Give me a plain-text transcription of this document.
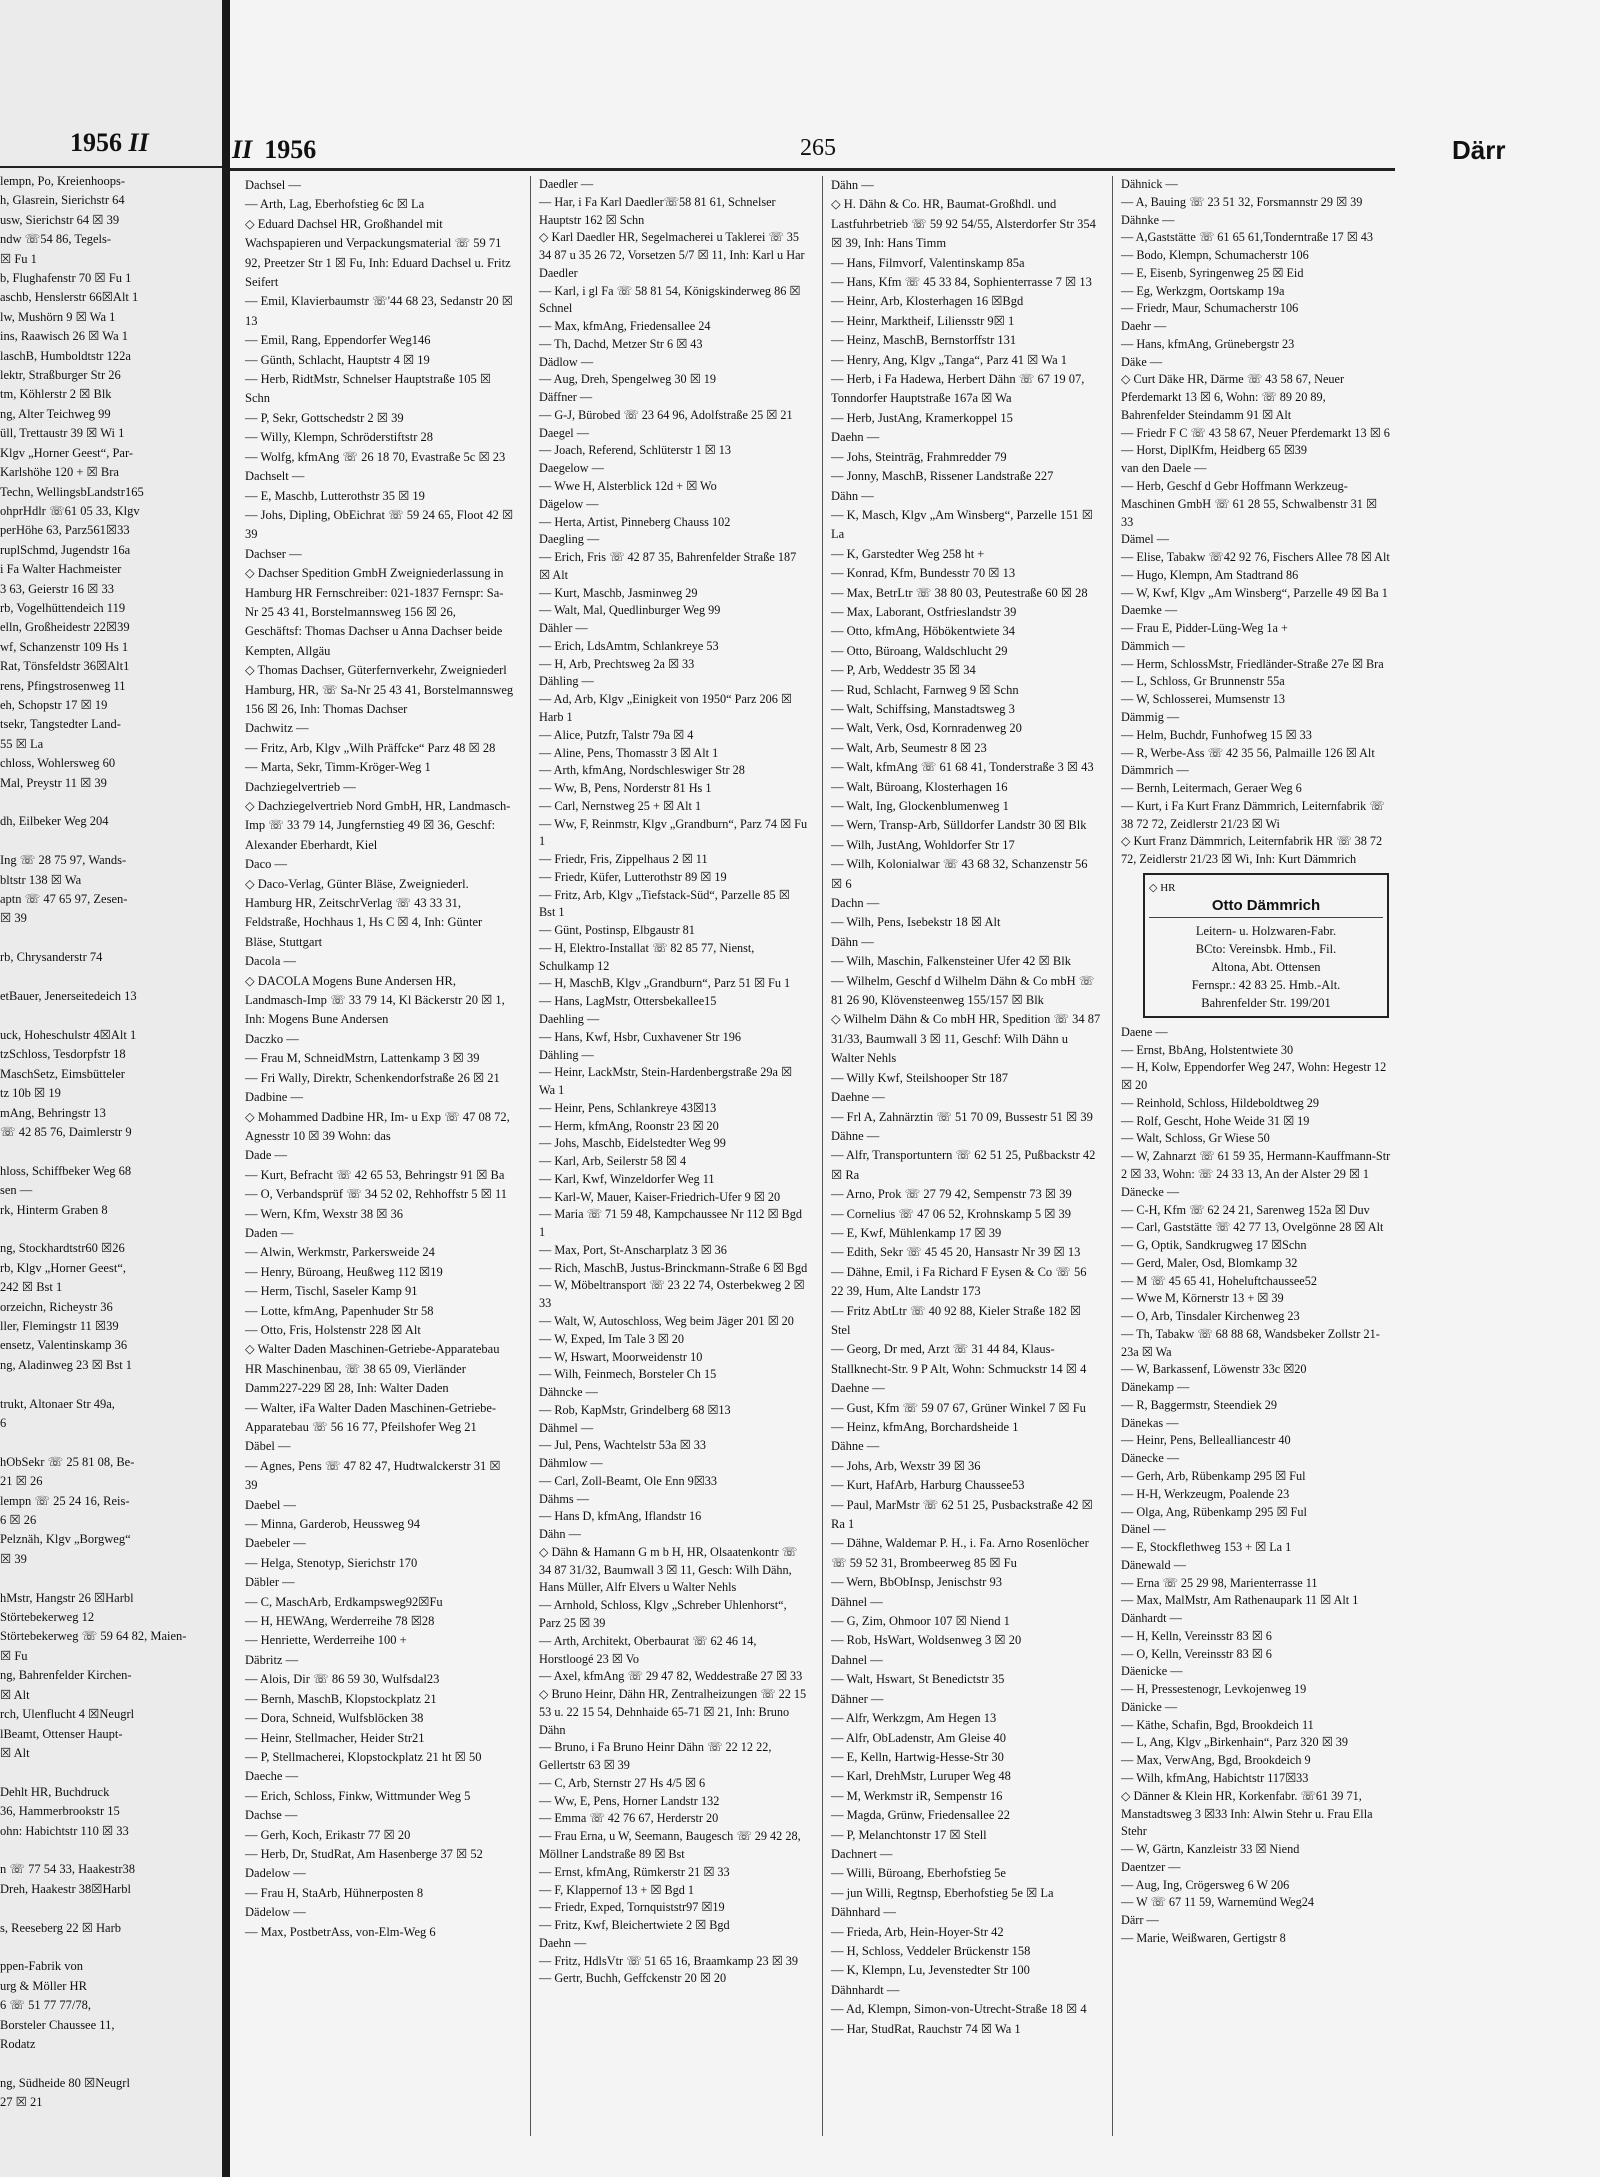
1956 II
lempn, Po, Kreienhoops-
h, Glasrein, Sierichstr 64
usw, Sierichstr 64 ☒ 39
ndw ☏54 86, Tegels-
☒ Fu 1
b, Flughafenstr 70 ☒ Fu 1
aschb, Henslerstr 66☒Alt 1
lw, Mushörn 9 ☒ Wa 1
ins, Raawisch 26 ☒ Wa 1
laschB, Humboldtstr 122a
lektr, Straßburger Str 26
tm, Köhlerstr 2 ☒ Blk
ng, Alter Teichweg 99
üll, Trettaustr 39 ☒ Wi 1
Klgv „Horner Geest“, Par-
Karlshöhe 120 + ☒ Bra
Techn, WellingsbLandstr165
ohprHdlr ☏61 05 33, Klgv
perHöhe 63, Parz561☒33
ruplSchmd, Jugendstr 16a
i Fa Walter Hachmeister
3 63, Geierstr 16 ☒ 33
rb, Vogelhüttendeich 119
elln, Großheidestr 22☒39
wf, Schanzenstr 109 Hs 1
Rat, Tönsfeldstr 36☒Alt1
rens, Pfingstrosenweg 11
eh, Schopstr 17 ☒ 19
tsekr, Tangstedter Land-
55 ☒ La
chloss, Wohlersweg 60
Mal, Preystr 11 ☒ 39

dh, Eilbeker Weg 204

Ing ☏ 28 75 97, Wands-
bltstr 138 ☒ Wa
aptn ☏ 47 65 97, Zesen-
☒ 39

rb, Chrysanderstr 74

etBauer, Jenerseitedeich 13

uck, Hoheschulstr 4☒Alt 1
tzSchloss, Tesdorpfstr 18
MaschSetz, Eimsbütteler
tz 10b ☒ 19
mAng, Behringstr 13
☏ 42 85 76, Daimlerstr 9

hloss, Schiffbeker Weg 68
sen —
rk, Hinterm Graben 8

ng, Stockhardtstr60 ☒26
rb, Klgv „Horner Geest“,
242 ☒ Bst 1
orzeichn, Richeystr 36
ller, Flemingstr 11 ☒39
ensetz, Valentinskamp 36
ng, Aladinweg 23 ☒ Bst 1

trukt, Altonaer Str 49a,
6

hObSekr ☏ 25 81 08, Be-
21 ☒ 26
lempn ☏ 25 24 16, Reis-
6 ☒ 26
Pelznäh, Klgv „Borgweg“
☒ 39

hMstr, Hangstr 26 ☒Harbl
Störtebekerweg 12
Störtebekerweg ☏ 59 64 82, Maien-
☒ Fu
ng, Bahrenfelder Kirchen-
☒ Alt
rch, Ulenflucht 4 ☒Neugrl
lBeamt, Ottenser Haupt-
☒ Alt

Dehlt HR, Buchdruck
36, Hammerbrookstr 15
ohn: Habichtstr 110 ☒ 33

n ☏ 77 54 33, Haakestr38
Dreh, Haakestr 38☒Harbl

s, Reeseberg 22 ☒ Harb

ppen-Fabrik von
urg & Möller HR
6 ☏ 51 77 77/78,
Borsteler Chaussee 11,
Rodatz

ng, Südheide 80 ☒Neugrl
27 ☒ 21
II 1956	265	Därr
Dachsel —
— Arth, Lag, Eberhofstieg 6c ☒ La
◇ Eduard Dachsel HR, Großhandel mit Wachspapieren und Verpackungsmaterial ☏ 59 71 92, Preetzer Str 1 ☒ Fu, Inh: Eduard Dachsel u. Fritz Seifert
— Emil, Klavierbaumstr ☏'44 68 23, Sedanstr 20 ☒ 13
— Emil, Rang, Eppendorfer Weg146
— Günth, Schlacht, Hauptstr 4 ☒ 19
— Herb, RidtMstr, Schnelser Hauptstraße 105 ☒ Schn
— P, Sekr, Gottschedstr 2 ☒ 39
— Willy, Klempn, Schröderstiftstr 28
— Wolfg, kfmAng ☏ 26 18 70, Evastraße 5c ☒ 23
Dachselt —
— E, Maschb, Lutterothstr 35 ☒ 19
— Johs, Dipling, ObEichrat ☏ 59 24 65, Floot 42 ☒ 39
Dachser —
◇ Dachser Spedition GmbH Zweigniederlassung in Hamburg HR Fernschreiber: 021-1837 Fernspr: Sa-Nr 25 43 41, Borstelmannsweg 156 ☒ 26, Geschäftsf: Thomas Dachser u Anna Dachser beide Kempten, Allgäu
◇ Thomas Dachser, Güterfernverkehr, Zweigniederl Hamburg, HR, ☏ Sa-Nr 25 43 41, Borstelmannsweg 156 ☒ 26, Inh: Thomas Dachser
Dachwitz —
— Fritz, Arb, Klgv „Wilh Präffcke“ Parz 48 ☒ 28
— Marta, Sekr, Timm-Kröger-Weg 1
Dachziegelvertrieb —
◇ Dachziegelvertrieb Nord GmbH, HR, Landmasch-Imp ☏ 33 79 14, Jungfernstieg 49 ☒ 36, Geschf: Alexander Eberhardt, Kiel
Daco —
◇ Daco-Verlag, Günter Bläse, Zweigniederl. Hamburg HR, ZeitschrVerlag ☏ 43 33 31, Feldstraße, Hochhaus 1, Hs C ☒ 4, Inh: Günter Bläse, Stuttgart
Dacola —
◇ DACOLA Mogens Bune Andersen HR, Landmasch-Imp ☏ 33 79 14, Kl Bäckerstr 20 ☒ 1, Inh: Mogens Bune Andersen
Daczko —
— Frau M, SchneidMstrn, Lattenkamp 3 ☒ 39
— Fri Wally, Direktr, Schenkendorfstraße 26 ☒ 21
Dadbine —
◇ Mohammed Dadbine HR, Im- u Exp ☏ 47 08 72, Agnesstr 10 ☒ 39 Wohn: das
Dade —
— Kurt, Befracht ☏ 42 65 53, Behringstr 91 ☒ Ba
— O, Verbandsprüf ☏ 34 52 02, Rehhoffstr 5 ☒ 11
— Wern, Kfm, Wexstr 38 ☒ 36
Daden —
— Alwin, Werkmstr, Parkersweide 24
— Henry, Büroang, Heußweg 112 ☒19
— Herm, Tischl, Saseler Kamp 91
— Lotte, kfmAng, Papenhuder Str 58
— Otto, Fris, Holstenstr 228 ☒ Alt
◇ Walter Daden Maschinen-Getriebe-Apparatebau HR Maschinenbau, ☏ 38 65 09, Vierländer Damm227-229 ☒ 28, Inh: Walter Daden
— Walter, iFa Walter Daden Maschinen-Getriebe-Apparatebau ☏ 56 16 77, Pfeilshofer Weg 21
Däbel —
— Agnes, Pens ☏ 47 82 47, Hudtwalckerstr 31 ☒ 39
Daebel —
— Minna, Garderob, Heussweg 94
Daebeler —
— Helga, Stenotyp, Sierichstr 170
Däbler —
— C, MaschArb, Erdkampsweg92☒Fu
— H, HEWAng, Werderreihe 78 ☒28
— Henriette, Werderreihe 100 +
Däbritz —
— Alois, Dir ☏ 86 59 30, Wulfsdal23
— Bernh, MaschB, Klopstockplatz 21
— Dora, Schneid, Wulfsblöcken 38
— Heinr, Stellmacher, Heider Str21
— P, Stellmacherei, Klopstockplatz 21 ht ☒ 50
Daeche —
— Erich, Schloss, Finkw, Wittmunder Weg 5
Dachse —
— Gerh, Koch, Erikastr 77 ☒ 20
— Herb, Dr, StudRat, Am Hasenberge 37 ☒ 52
Dadelow —
— Frau H, StaArb, Hühnerposten 8
Dädelow —
— Max, PostbetrAss, von-Elm-Weg 6
Daedler —
— Har, i Fa Karl Daedler☏58 81 61, Schnelser Hauptstr 162 ☒ Schn
◇ Karl Daedler HR, Segelmacherei u Taklerei ☏ 35 34 87 u 35 26 72, Vorsetzen 5/7 ☒ 11, Inh: Karl u Har Daedler
— Karl, i gl Fa ☏ 58 81 54, Königskinderweg 86 ☒ Schnel
— Max, kfmAng, Friedensallee 24
— Th, Dachd, Metzer Str 6 ☒ 43
Dädlow —
— Aug, Dreh, Spengelweg 30 ☒ 19
Däffner —
— G-J, Bürobed ☏ 23 64 96, Adolfstraße 25 ☒ 21
Daegel —
— Joach, Referend, Schlüterstr 1 ☒ 13
Daegelow —
— Wwe H, Alsterblick 12d + ☒ Wo
Dägelow —
— Herta, Artist, Pinneberg Chauss 102
Daegling —
— Erich, Fris ☏ 42 87 35, Bahrenfelder Straße 187 ☒ Alt
— Kurt, Maschb, Jasminweg 29
— Walt, Mal, Quedlinburger Weg 99
Dähler —
— Erich, LdsAmtm, Schlankreye 53
— H, Arb, Prechtsweg 2a ☒ 33
Dähling —
— Ad, Arb, Klgv „Einigkeit von 1950“ Parz 206 ☒ Harb 1
— Alice, Putzfr, Talstr 79a ☒ 4
— Aline, Pens, Thomasstr 3 ☒ Alt 1
— Arth, kfmAng, Nordschleswiger Str 28
— Ww, B, Pens, Norderstr 81 Hs 1
— Carl, Nernstweg 25 + ☒ Alt 1
— Ww, F, Reinmstr, Klgv „Grandburn“, Parz 74 ☒ Fu 1
— Friedr, Fris, Zippelhaus 2 ☒ 11
— Friedr, Küfer, Lutterothstr 89 ☒ 19
— Fritz, Arb, Klgv „Tiefstack-Süd“, Parzelle 85 ☒ Bst 1
— Günt, Postinsp, Elbgaustr 81
— H, Elektro-Installat ☏ 82 85 77, Nienst, Schulkamp 12
— H, MaschB, Klgv „Grandburn“, Parz 51 ☒ Fu 1
— Hans, LagMstr, Ottersbekallee15
Daehling —
— Hans, Kwf, Hsbr, Cuxhavener Str 196
Dähling —
— Heinr, LackMstr, Stein-Hardenbergstraße 29a ☒ Wa 1
— Heinr, Pens, Schlankreye 43☒13
— Herm, kfmAng, Roonstr 23 ☒ 20
— Johs, Maschb, Eidelstedter Weg 99
— Karl, Arb, Seilerstr 58 ☒ 4
— Karl, Kwf, Winzeldorfer Weg 11
— Karl-W, Mauer, Kaiser-Friedrich-Ufer 9 ☒ 20
— Maria ☏ 71 59 48, Kampchaussee Nr 112 ☒ Bgd 1
— Max, Port, St-Anscharplatz 3 ☒ 36
— Rich, MaschB, Justus-Brinckmann-Straße 6 ☒ Bgd
— W, Möbeltransport ☏ 23 22 74, Osterbekweg 2 ☒ 33
— Walt, W, Autoschloss, Weg beim Jäger 201 ☒ 20
— W, Exped, Im Tale 3 ☒ 20
— W, Hswart, Moorweidenstr 10
— Wilh, Feinmech, Borsteler Ch 15
Dähncke —
— Rob, KapMstr, Grindelberg 68 ☒13
Dähmel —
— Jul, Pens, Wachtelstr 53a ☒ 33
Dähmlow —
— Carl, Zoll-Beamt, Ole Enn 9☒33
Dähms —
— Hans D, kfmAng, Iflandstr 16
Dähn —
◇ Dähn & Hamann G m b H, HR, Olsaatenkontr ☏ 34 87 31/32, Baumwall 3 ☒ 11, Gesch: Wilh Dähn, Hans Müller, Alfr Elvers u Walter Nehls
— Arnhold, Schloss, Klgv „Schreber Uhlenhorst“, Parz 25 ☒ 39
— Arth, Architekt, Oberbaurat ☏ 62 46 14, Horstloogé 23 ☒ Vo
— Axel, kfmAng ☏ 29 47 82, Weddestraße 27 ☒ 33
◇ Bruno Heinr, Dähn HR, Zentralheizungen ☏ 22 15 53 u. 22 15 54, Dehnhaide 65-71 ☒ 21, Inh: Bruno Dähn
— Bruno, i Fa Bruno Heinr Dähn ☏ 22 12 22, Gellertstr 63 ☒ 39
— C, Arb, Sternstr 27 Hs 4/5 ☒ 6
— Ww, E, Pens, Horner Landstr 132
— Emma ☏ 42 76 67, Herderstr 20
— Frau Erna, u W, Seemann, Baugesch ☏ 29 42 28, Möllner Landstraße 89 ☒ Bst
— Ernst, kfmAng, Rümkerstr 21 ☒ 33
— F, Klappernof 13 + ☒ Bgd 1
— Friedr, Exped, Tornquiststr97 ☒19
— Fritz, Kwf, Bleichertwiete 2 ☒ Bgd
Daehn —
— Fritz, HdlsVtr ☏ 51 65 16, Braamkamp 23 ☒ 39
— Gertr, Buchh, Geffckenstr 20 ☒ 20
Dähn —
◇ H. Dähn & Co. HR, Baumat-Großhdl. und Lastfuhrbetrieb ☏ 59 92 54/55, Alsterdorfer Str 354 ☒ 39, Inh: Hans Timm
— Hans, Filmvorf, Valentinskamp 85a
— Hans, Kfm ☏ 45 33 84, Sophienterrasse 7 ☒ 13
— Heinr, Arb, Klosterhagen 16 ☒Bgd
— Heinr, Marktheif, Liliensstr 9☒ 1
— Heinz, MaschB, Bernstorffstr 131
— Henry, Ang, Klgv „Tanga“, Parz 41 ☒ Wa 1
— Herb, i Fa Hadewa, Herbert Dähn ☏ 67 19 07, Tonndorfer Hauptstraße 167a ☒ Wa
— Herb, JustAng, Kramerkoppel 15
Daehn —
— Johs, Steintrāg, Frahmredder 79
— Jonny, MaschB, Rissener Landstraße 227
Dähn —
— K, Masch, Klgv „Am Winsberg“, Parzelle 151 ☒ La
— K, Garstedter Weg 258 ht +
— Konrad, Kfm, Bundesstr 70 ☒ 13
— Max, BetrLtr ☏ 38 80 03, Peutestraße 60 ☒ 28
— Max, Laborant, Ostfrieslandstr 39
— Otto, kfmAng, Höbökentwiete 34
— Otto, Büroang, Waldschlucht 29
— P, Arb, Weddestr 35 ☒ 34
— Rud, Schlacht, Farnweg 9 ☒ Schn
— Walt, Schiffsing, Manstadtsweg 3
— Walt, Verk, Osd, Kornradenweg 20
— Walt, Arb, Seumestr 8 ☒ 23
— Walt, kfmAng ☏ 61 68 41, Tonderstraße 3 ☒ 43
— Walt, Büroang, Klosterhagen 16
— Walt, Ing, Glockenblumenweg 1
— Wern, Transp-Arb, Sülldorfer Landstr 30 ☒ Blk
— Wilh, JustAng, Wohldorfer Str 17
— Wilh, Kolonialwar ☏ 43 68 32, Schanzenstr 56 ☒ 6
Dachn —
— Wilh, Pens, Isebekstr 18 ☒ Alt
Dähn —
— Wilh, Maschin, Falkensteiner Ufer 42 ☒ Blk
— Wilhelm, Geschf d Wilhelm Dähn & Co mbH ☏ 81 26 90, Klövensteenweg 155/157 ☒ Blk
◇ Wilhelm Dähn & Co mbH HR, Spedition ☏ 34 87 31/33, Baumwall 3 ☒ 11, Geschf: Wilh Dähn u Walter Nehls
— Willy Kwf, Steilshooper Str 187
Daehne —
— Frl A, Zahnärztin ☏ 51 70 09, Bussestr 51 ☒ 39
Dähne —
— Alfr, Transportuntern ☏ 62 51 25, Pußbackstr 42 ☒ Ra
— Arno, Prok ☏ 27 79 42, Sempenstr 73 ☒ 39
— Cornelius ☏ 47 06 52, Krohnskamp 5 ☒ 39
— E, Kwf, Mühlenkamp 17 ☒ 39
— Edith, Sekr ☏ 45 45 20, Hansastr Nr 39 ☒ 13
— Dähne, Emil, i Fa Richard F Eysen & Co ☏ 56 22 39, Hum, Alte Landstr 173
— Fritz AbtLtr ☏ 40 92 88, Kieler Straße 182 ☒ Stel
— Georg, Dr med, Arzt ☏ 31 44 84, Klaus-Stallknecht-Str. 9 P Alt, Wohn: Schmuckstr 14 ☒ 4
Daehne —
— Gust, Kfm ☏ 59 07 67, Grüner Winkel 7 ☒ Fu
— Heinz, kfmAng, Borchardsheide 1
Dähne —
— Johs, Arb, Wexstr 39 ☒ 36
— Kurt, HafArb, Harburg Chaussee53
— Paul, MarMstr ☏ 62 51 25, Pusbackstraße 42 ☒ Ra 1
— Dähne, Waldemar P. H., i. Fa. Arno Rosenlöcher ☏ 59 52 31, Brombeerweg 85 ☒ Fu
— Wern, BbObInsp, Jenischstr 93
Dähnel —
— G, Zim, Ohmoor 107 ☒ Niend 1
— Rob, HsWart, Woldsenweg 3 ☒ 20
Dahnel —
— Walt, Hswart, St Benedictstr 35
Dähner —
— Alfr, Werkzgm, Am Hegen 13
— Alfr, ObLadenstr, Am Gleise 40
— E, Kelln, Hartwig-Hesse-Str 30
— Karl, DrehMstr, Luruper Weg 48
— M, Werkmstr iR, Sempenstr 16
— Magda, Grünw, Friedensallee 22
— P, Melanchtonstr 17 ☒ Stell
Dachnert —
— Willi, Büroang, Eberhofstieg 5e
— jun Willi, Regtnsp, Eberhofstieg 5e ☒ La
Dähnhard —
— Frieda, Arb, Hein-Hoyer-Str 42
— H, Schloss, Veddeler Brückenstr 158
— K, Klempn, Lu, Jevenstedter Str 100
Dähnhardt —
— Ad, Klempn, Simon-von-Utrecht-Straße 18 ☒ 4
— Har, StudRat, Rauchstr 74 ☒ Wa 1
Dähnick —
— A, Bauing ☏ 23 51 32, Forsmannstr 29 ☒ 39
Dähnke —
— A,Gaststätte ☏ 61 65 61,Tonderntraße 17 ☒ 43
— Bodo, Klempn, Schumacherstr 106
— E, Eisenb, Syringenweg 25 ☒ Eid
— Eg, Werkzgm, Oortskamp 19a
— Friedr, Maur, Schumacherstr 106
Daehr —
— Hans, kfmAng, Grünebergstr 23
Däke —
◇ Curt Däke HR, Därme ☏ 43 58 67, Neuer Pferdemarkt 13 ☒ 6, Wohn: ☏ 89 20 89, Bahrenfelder Steindamm 91 ☒ Alt
— Friedr F C ☏ 43 58 67, Neuer Pferdemarkt 13 ☒ 6
— Horst, DiplKfm, Heidberg 65 ☒39
van den Daele —
— Herb, Geschf d Gebr Hoffmann Werkzeug-Maschinen GmbH ☏ 61 28 55, Schwalbenstr 31 ☒ 33
Dämel —
— Elise, Tabakw ☏42 92 76, Fischers Allee 78 ☒ Alt
— Hugo, Klempn, Am Stadtrand 86
— W, Kwf, Klgv „Am Winsberg“, Parzelle 49 ☒ Ba 1
Daemke —
— Frau E, Pidder-Lüng-Weg 1a +
Dämmich —
— Herm, SchlossMstr, Friedländer-Straße 27e ☒ Bra
— L, Schloss, Gr Brunnenstr 55a
— W, Schlosserei, Mumsenstr 13
Dämmig —
— Helm, Buchdr, Funhofweg 15 ☒ 33
— R, Werbe-Ass ☏ 42 35 56, Palmaille 126 ☒ Alt
Dämmrich —
— Bernh, Leitermach, Geraer Weg 6
— Kurt, i Fa Kurt Franz Dämmrich, Leiternfabrik ☏ 38 72 72, Zeidlerstr 21/23 ☒ Wi
◇ Kurt Franz Dämmrich, Leiternfabrik HR ☏ 38 72 72, Zeidlerstr 21/23 ☒ Wi, Inh: Kurt Dämmrich
◇ HR
Otto Dämmrich
Leitern- u. Holzwaren-Fabr.
BCto: Vereinsbk. Hmb., Fil.
Altona, Abt. Ottensen
Fernspr.: 42 83 25. Hmb.-Alt.
Bahrenfelder Str. 199/201
Daene —
— Ernst, BbAng, Holstentwiete 30
— H, Kolw, Eppendorfer Weg 247, Wohn: Hegestr 12 ☒ 20
— Reinhold, Schloss, Hildeboldtweg 29
— Rolf, Gescht, Hohe Weide 31 ☒ 19
— Walt, Schloss, Gr Wiese 50
— W, Zahnarzt ☏ 61 59 35, Hermann-Kauffmann-Str 2 ☒ 33, Wohn: ☏ 24 33 13, An der Alster 29 ☒ 1
Dänecke —
— C-H, Kfm ☏ 62 24 21, Sarenweg 152a ☒ Duv
— Carl, Gaststätte ☏ 42 77 13, Ovelgönne 28 ☒ Alt
— G, Optik, Sandkrugweg 17 ☒Schn
— Gerd, Maler, Osd, Blomkamp 32
— M ☏ 45 65 41, Hoheluftchaussee52
— Wwe M, Körnerstr 13 + ☒ 39
— O, Arb, Tinsdaler Kirchenweg 23
— Th, Tabakw ☏ 68 88 68, Wandsbeker Zollstr 21-23a ☒ Wa
— W, Barkassenf, Löwenstr 33c ☒20
Dänekamp —
— R, Baggermstr, Steendiek 29
Dänekas —
— Heinr, Pens, Bellealliancestr 40
Dänecke —
— Gerh, Arb, Rübenkamp 295 ☒ Ful
— H-H, Werkzeugm, Poalende 23
— Olga, Ang, Rübenkamp 295 ☒ Ful
Dänel —
— E, Stockflethweg 153 + ☒ La 1
Dänewald —
— Erna ☏ 25 29 98, Marienterrasse 11
— Max, MalMstr, Am Rathenaupark 11 ☒ Alt 1
Dänhardt —
— H, Kelln, Vereinsstr 83 ☒ 6
— O, Kelln, Vereinsstr 83 ☒ 6
Däenicke —
— H, Pressestenogr, Levkojenweg 19
Dänicke —
— Käthe, Schafin, Bgd, Brookdeich 11
— L, Ang, Klgv „Birkenhain“, Parz 320 ☒ 39
— Max, VerwAng, Bgd, Brookdeich 9
— Wilh, kfmAng, Habichtstr 117☒33
◇ Dänner & Klein HR, Korkenfabr. ☏61 39 71, Manstadtsweg 3 ☒33 Inh: Alwin Stehr u. Frau Ella Stehr
— W, Gärtn, Kanzleistr 33 ☒ Niend
Daentzer —
— Aug, Ing, Crögersweg 6 W 206
— W ☏ 67 11 59, Warnemünd Weg24
Därr —
— Marie, Weißwaren, Gertigstr 8
